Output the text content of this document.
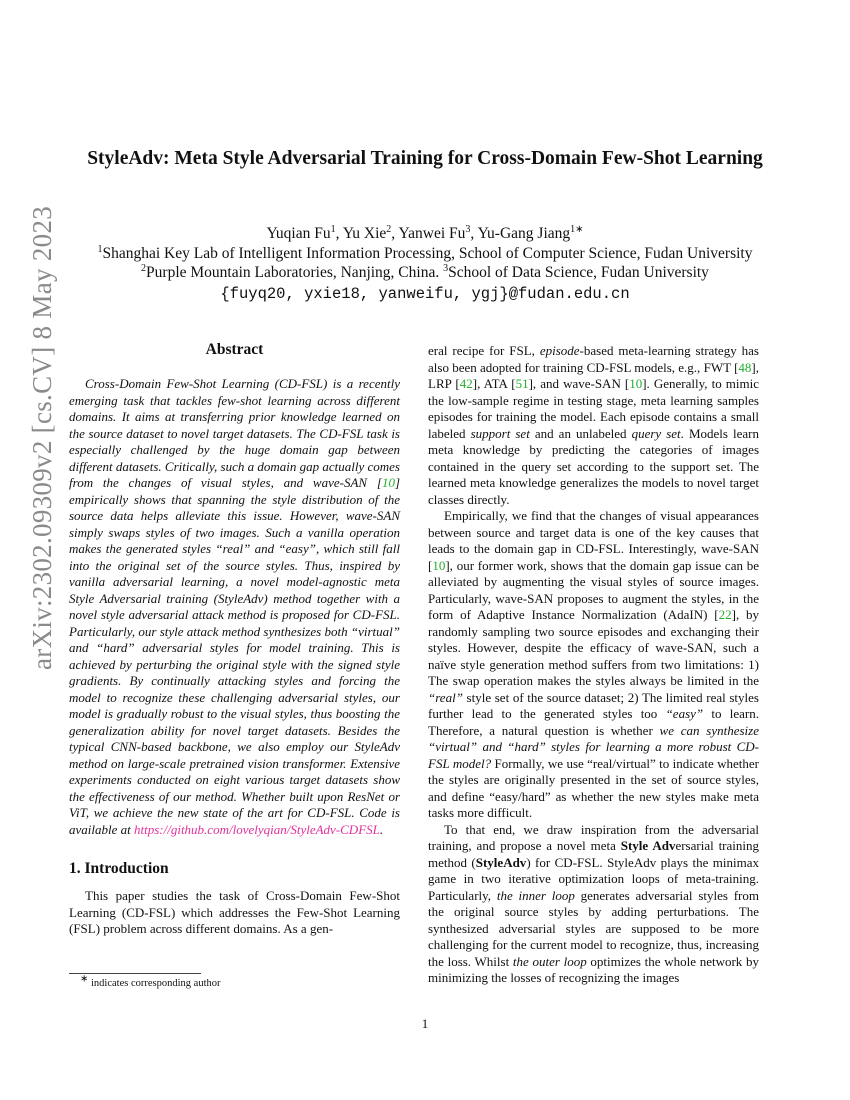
arXiv:2302.09309v2 [cs.CV] 8 May 2023
StyleAdv: Meta Style Adversarial Training for Cross-Domain Few-Shot Learning
Yuqian Fu$^1$, Yu Xie$^2$, Yanwei Fu$^3$, Yu-Gang Jiang$^{1∗}$
$^1$Shanghai Key Lab of Intelligent Information Processing, School of Computer Science, Fudan University
$^2$Purple Mountain Laboratories, Nanjing, China. $^3$School of Data Science, Fudan University
{fuyq20, yxie18, yanweifu, ygj}@fudan.edu.cn
Abstract

Cross-Domain Few-Shot Learning (CD-FSL) is a recently emerging task that tackles few-shot learning across different domains. It aims at transferring prior knowledge learned on the source dataset to novel target datasets. The CD-FSL task is especially challenged by the huge domain gap between different datasets. Critically, such a domain gap actually comes from the changes of visual styles, and wave-SAN [10] empirically shows that spanning the style distribution of the source data helps alleviate this issue. However, wave-SAN simply swaps styles of two images. Such a vanilla operation makes the generated styles “real” and “easy”, which still fall into the original set of the source styles. Thus, inspired by vanilla adversarial learning, a novel model-agnostic meta Style Adversarial training (StyleAdv) method together with a novel style adversarial attack method is proposed for CD-FSL. Particularly, our style attack method synthesizes both “virtual” and “hard” adversarial styles for model training. This is achieved by perturbing the original style with the signed style gradients. By continually attacking styles and forcing the model to recognize these challenging adversarial styles, our model is gradually robust to the visual styles, thus boosting the generalization ability for novel target datasets. Besides the typical CNN-based backbone, we also employ our StyleAdv method on large-scale pretrained vision transformer. Extensive experiments conducted on eight various target datasets show the effectiveness of our method. Whether built upon ResNet or ViT, we achieve the new state of the art for CD-FSL. Code is available at https://github.com/lovelyqian/StyleAdv-CDFSL.

1. Introduction

This paper studies the task of Cross-Domain Few-Shot Learning (CD-FSL) which addresses the Few-Shot Learning (FSL) problem across different domains. As a gen-

eral recipe for FSL, episode-based meta-learning strategy has also been adopted for training CD-FSL models, e.g., FWT [48], LRP [42], ATA [51], and wave-SAN [10]. Generally, to mimic the low-sample regime in testing stage, meta learning samples episodes for training the model. Each episode contains a small labeled support set and an unlabeled query set. Models learn meta knowledge by predicting the categories of images contained in the query set according to the support set. The learned meta knowledge generalizes the models to novel target classes directly.

Empirically, we find that the changes of visual appearances between source and target data is one of the key causes that leads to the domain gap in CD-FSL. Interestingly, wave-SAN [10], our former work, shows that the domain gap issue can be alleviated by augmenting the visual styles of source images. Particularly, wave-SAN proposes to augment the styles, in the form of Adaptive Instance Normalization (AdaIN) [22], by randomly sampling two source episodes and exchanging their styles. However, despite the efficacy of wave-SAN, such a naïve style generation method suffers from two limitations: 1) The swap operation makes the styles always be limited in the “real” style set of the source dataset; 2) The limited real styles further lead to the generated styles too “easy” to learn. Therefore, a natural question is whether we can synthesize “virtual” and “hard” styles for learning a more robust CD-FSL model? Formally, we use “real/virtual” to indicate whether the styles are originally presented in the set of source styles, and define “easy/hard” as whether the new styles make meta tasks more difficult.

To that end, we draw inspiration from the adversarial training, and propose a novel meta Style Adversarial training method (StyleAdv) for CD-FSL. StyleAdv plays the minimax game in two iterative optimization loops of meta-training. Particularly, the inner loop generates adversarial styles from the original source styles by adding perturbations. The synthesized adversarial styles are supposed to be more challenging for the current model to recognize, thus, increasing the loss. Whilst the outer loop optimizes the whole network by minimizing the losses of recognizing the images

∗ indicates corresponding author
1
